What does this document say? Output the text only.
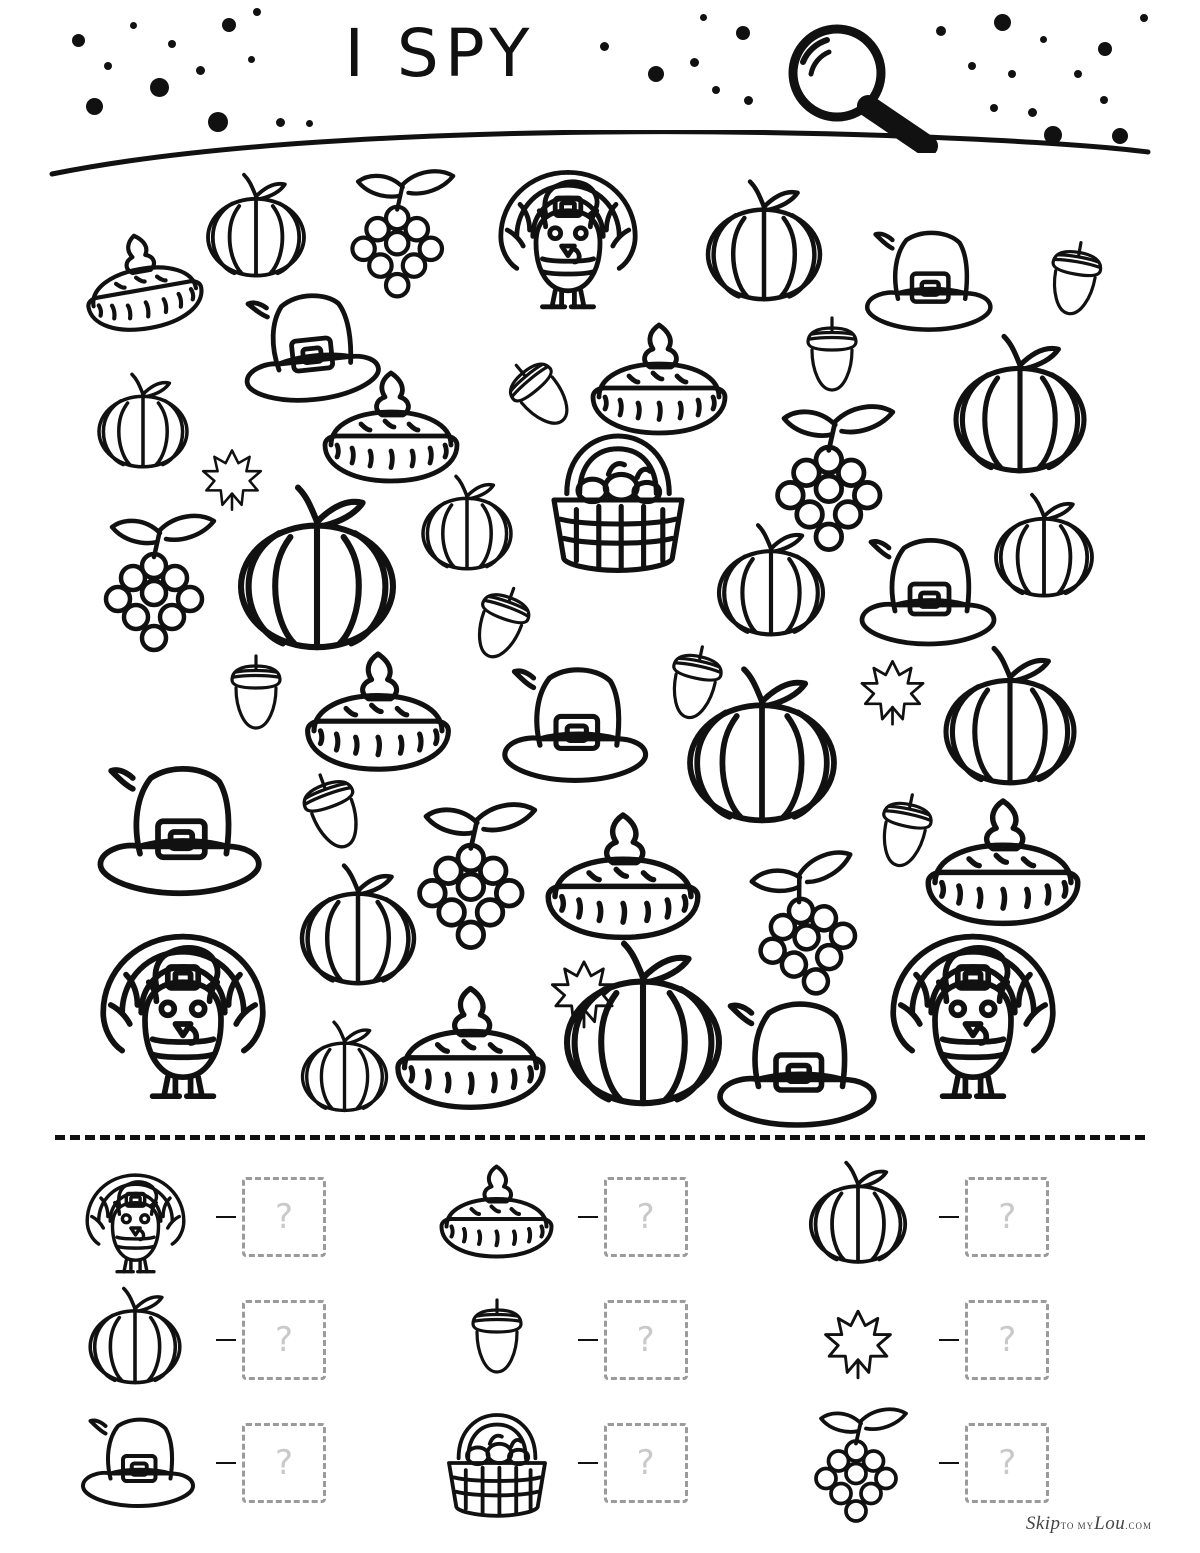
I SPY
?	?	?
?	?	?
?	?	?
SkipTO MYLou.COM
